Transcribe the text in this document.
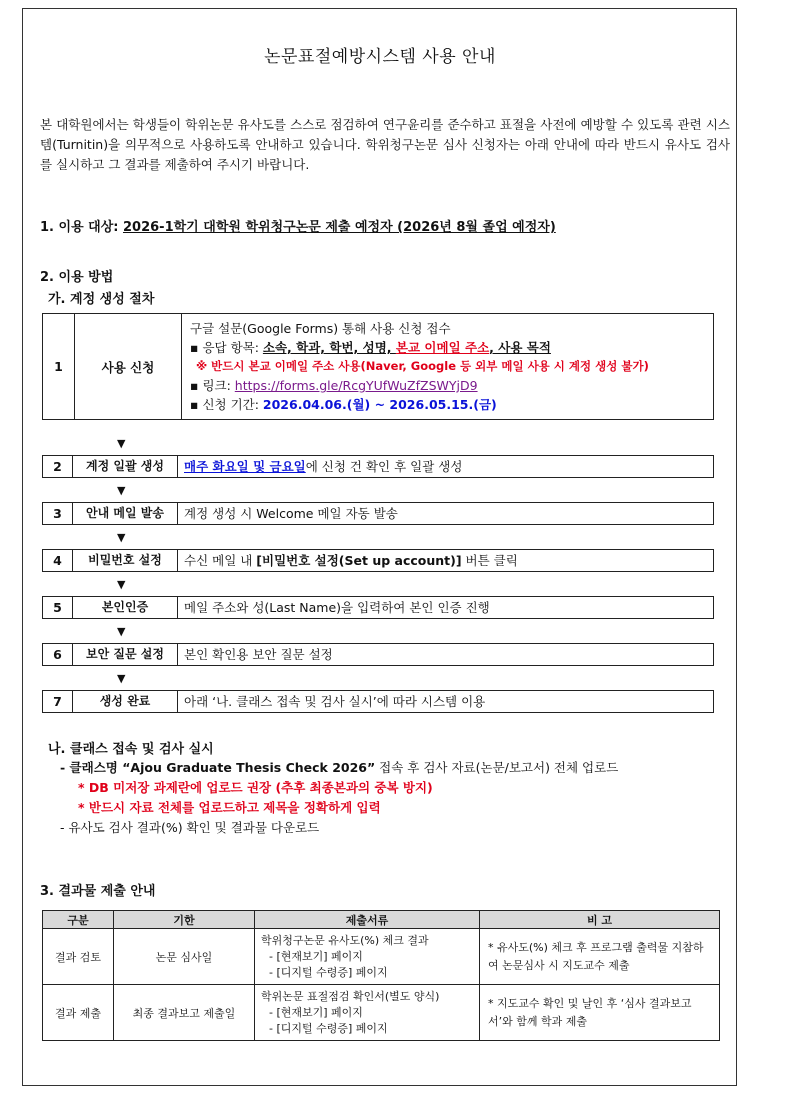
논문표절예방시스템 사용 안내
본 대학원에서는 학생들이 학위논문 유사도를 스스로 점검하여 연구윤리를 준수하고 표절을 사전에 예방할 수 있도록 관련 시스템(Turnitin)을 의무적으로 사용하도록 안내하고 있습니다. 학위청구논문 심사 신청자는 아래 안내에 따라 반드시 유사도 검사를 실시하고 그 결과를 제출하여 주시기 바랍니다.
1. 이용 대상: 2026-1학기 대학원 학위청구논문 제출 예정자 (2026년 8월 졸업 예정자)
2. 이용 방법
가. 계정 생성 절차
1	사용 신청	
구글 설문(Google Forms) 통해 사용 신청 접수
▪ 응답 항목: 소속, 학과, 학번, 성명, 본교 이메일 주소, 사용 목적
※ 반드시 본교 이메일 주소 사용(Naver, Google 등 외부 메일 사용 시 계정 생성 불가)
▪ 링크: https://forms.gle/RcgYUfWuZfZSWYjD9
▪ 신청 기간: 2026.04.06.(월) ~ 2026.05.15.(금)
▼
2	계정 일괄 생성	매주 화요일 및 금요일에 신청 건 확인 후 일괄 생성
▼
3	안내 메일 발송	계정 생성 시 Welcome 메일 자동 발송
▼
4	비밀번호 설정	수신 메일 내 [비밀번호 설정(Set up account)] 버튼 클릭
▼
5	본인인증	메일 주소와 성(Last Name)을 입력하여 본인 인증 진행
▼
6	보안 질문 설정	본인 확인용 보안 질문 설정
▼
7	생성 완료	아래 ‘나. 클래스 접속 및 검사 실시’에 따라 시스템 이용
나. 클래스 접속 및 검사 실시
- 클래스명 “Ajou Graduate Thesis Check 2026” 접속 후 검사 자료(논문/보고서) 전체 업로드
* DB 미저장 과제란에 업로드 권장 (추후 최종본과의 중복 방지)
* 반드시 자료 전체를 업로드하고 제목을 정확하게 입력
- 유사도 검사 결과(%) 확인 및 결과물 다운로드
3. 결과물 제출 안내
구분	기한	제출서류	비 고
결과 검토	논문 심사일	학위청구논문 유사도(%) 체크 결과
- [현재보기] 페이지
- [디지털 수령증] 페이지	* 유사도(%) 체크 후 프로그램 출력물 지참하여 논문심사 시 지도교수 제출
결과 제출	최종 결과보고 제출일	학위논문 표절점검 확인서(별도 양식)
- [현재보기] 페이지
- [디지털 수령증] 페이지	* 지도교수 확인 및 날인 후 ‘심사 결과보고서’와 함께 학과 제출
